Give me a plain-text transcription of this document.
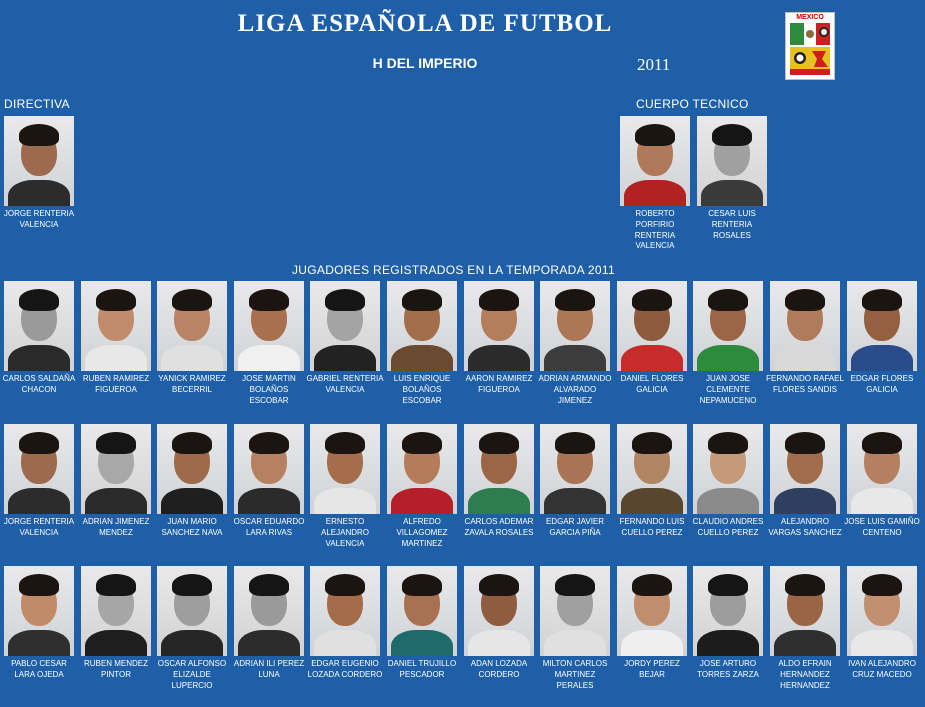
LIGA ESPAÑOLA DE FUTBOL
H DEL IMPERIO	2011
MEXICO
DIRECTIVA	CUERPO TECNICO
JUGADORES REGISTRADOS EN LA TEMPORADA 2011
JORGE RENTERIA VALENCIA
ROBERTO PORFIRIO RENTERIA VALENCIA
CESAR LUIS RENTERIA ROSALES
CARLOS SALDAÑA CHACON
RUBEN RAMIREZ FIGUEROA
YANICK RAMIREZ BECERRIL
JOSE MARTIN BOLAÑOS ESCOBAR
GABRIEL RENTERIA VALENCIA
LUIS ENRIQUE BOLAÑOS ESCOBAR
AARON RAMIREZ FIGUEROA
ADRIAN ARMANDO ALVARADO JIMENEZ
DANIEL FLORES GALICIA
JUAN JOSE CLEMENTE NEPAMUCENO
FERNANDO RAFAEL FLORES SANDIS
EDGAR FLORES GALICIA
JORGE RENTERIA VALENCIA
ADRIAN JIMENEZ MENDEZ
JUAN MARIO SANCHEZ NAVA
OSCAR EDUARDO LARA RIVAS
ERNESTO ALEJANDRO VALENCIA
ALFREDO VILLAGOMEZ MARTINEZ
CARLOS ADEMAR ZAVALA ROSALES
EDGAR JAVIER GARCIA PIÑA
FERNANDO LUIS CUELLO PEREZ
CLAUDIO ANDRES CUELLO PEREZ
ALEJANDRO VARGAS SANCHEZ
JOSE LUIS GAMIÑO CENTENO
PABLO CESAR LARA OJEDA
RUBEN MENDEZ PINTOR
OSCAR ALFONSO ELIZALDE LUPERCIO
ADRIAN ILI PEREZ LUNA
EDGAR EUGENIO LOZADA CORDERO
DANIEL TRUJILLO PESCADOR
ADAN LOZADA CORDERO
MILTON CARLOS MARTINEZ PERALES
JORDY PEREZ BEJAR
JOSE ARTURO TORRES ZARZA
ALDO EFRAIN HERNANDEZ HERNANDEZ
IVAN ALEJANDRO CRUZ MACEDO
